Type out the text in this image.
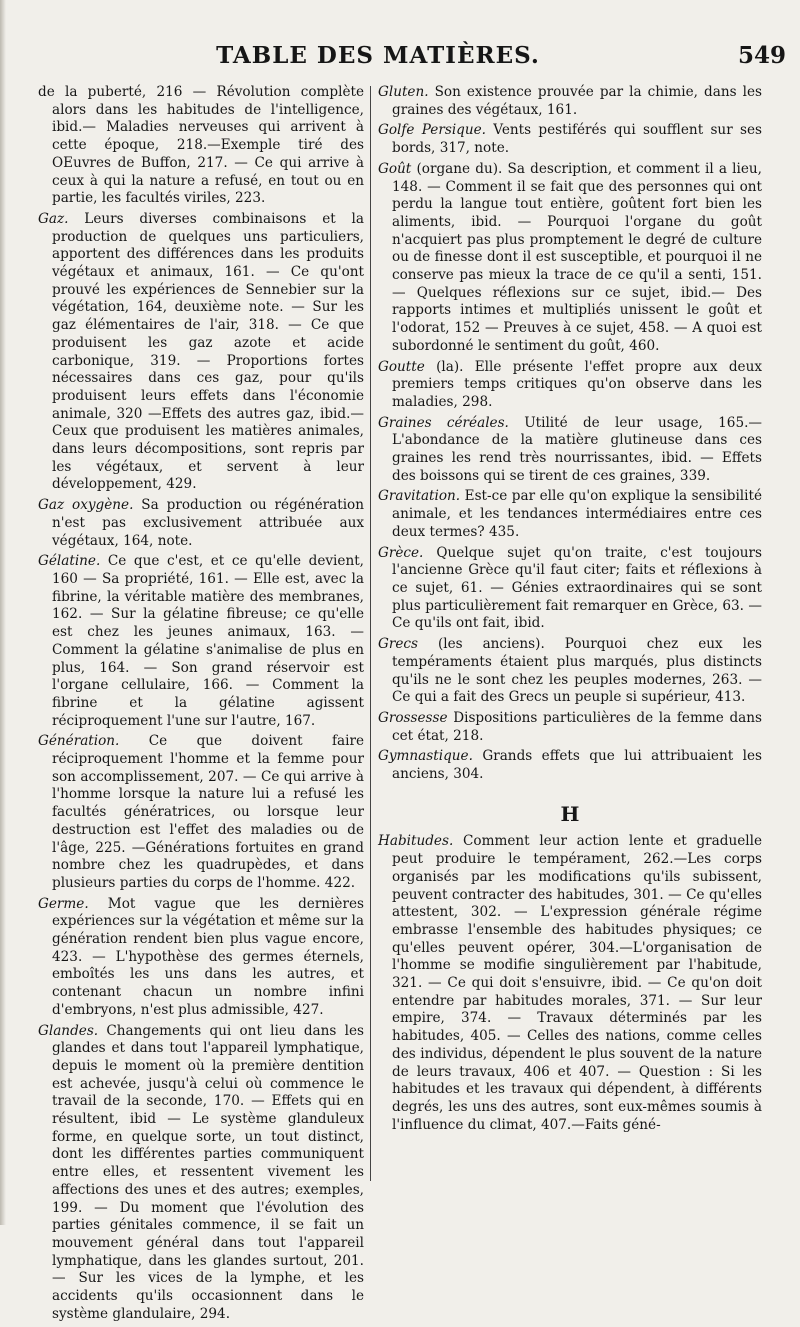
TABLE DES MATIÈRES.	549

de la puberté, 216 — Révolution complète alors dans les habitudes de l'intelligence, ibid.— Maladies nerveuses qui arrivent à cette époque, 218.—Exemple tiré des OEuvres de Buffon, 217. — Ce qui arrive à ceux à qui la nature a refusé, en tout ou en partie, les facultés viriles, 223.

Gaz. Leurs diverses combinaisons et la production de quelques uns particuliers, apportent des différences dans les produits végétaux et animaux, 161. — Ce qu'ont prouvé les expériences de Sennebier sur la végétation, 164, deuxième note. — Sur les gaz élémentaires de l'air, 318. — Ce que produisent les gaz azote et acide carbonique, 319. — Proportions fortes nécessaires dans ces gaz, pour qu'ils produisent leurs effets dans l'économie animale, 320 —Effets des autres gaz, ibid.— Ceux que produisent les matières animales, dans leurs décompositions, sont repris par les végétaux, et servent à leur développement, 429.

Gaz oxygène. Sa production ou régénération n'est pas exclusivement attribuée aux végétaux, 164, note.

Gélatine. Ce que c'est, et ce qu'elle devient, 160 — Sa propriété, 161. — Elle est, avec la fibrine, la véritable matière des membranes, 162. — Sur la gélatine fibreuse; ce qu'elle est chez les jeunes animaux, 163. — Comment la gélatine s'animalise de plus en plus, 164. — Son grand réservoir est l'organe cellulaire, 166. — Comment la fibrine et la gélatine agissent réciproquement l'une sur l'autre, 167.

Génération. Ce que doivent faire réciproquement l'homme et la femme pour son accomplissement, 207. — Ce qui arrive à l'homme lorsque la nature lui a refusé les facultés génératrices, ou lorsque leur destruction est l'effet des maladies ou de l'âge, 225. —Générations fortuites en grand nombre chez les quadrupèdes, et dans plusieurs parties du corps de l'homme. 422.

Germe. Mot vague que les dernières expériences sur la végétation et même sur la génération rendent bien plus vague encore, 423. — L'hypothèse des germes éternels, emboîtés les uns dans les autres, et contenant chacun un nombre infini d'embryons, n'est plus admissible, 427.

Glandes. Changements qui ont lieu dans les glandes et dans tout l'appareil lymphatique, depuis le moment où la première dentition est achevée, jusqu'à celui où commence le travail de la seconde, 170. — Effets qui en résultent, ibid — Le système glanduleux forme, en quelque sorte, un tout distinct, dont les différentes parties communiquent entre elles, et ressentent vivement les affections des unes et des autres; exemples, 199. — Du moment que l'évolution des parties génitales commence, il se fait un mouvement général dans tout l'appareil lymphatique, dans les glandes surtout, 201. — Sur les vices de la lymphe, et les accidents qu'ils occasionnent dans le système glandulaire, 294.

Gluten. Son existence prouvée par la chimie, dans les graines des végétaux, 161.

Golfe Persique. Vents pestiférés qui soufflent sur ses bords, 317, note.

Goût (organe du). Sa description, et comment il a lieu, 148. — Comment il se fait que des personnes qui ont perdu la langue tout entière, goûtent fort bien les aliments, ibid. — Pourquoi l'organe du goût n'acquiert pas plus promptement le degré de culture ou de finesse dont il est susceptible, et pourquoi il ne conserve pas mieux la trace de ce qu'il a senti, 151. — Quelques réflexions sur ce sujet, ibid.— Des rapports intimes et multipliés unissent le goût et l'odorat, 152 — Preuves à ce sujet, 458. — A quoi est subordonné le sentiment du goût, 460.

Goutte (la). Elle présente l'effet propre aux deux premiers temps critiques qu'on observe dans les maladies, 298.

Graines céréales. Utilité de leur usage, 165.— L'abondance de la matière glutineuse dans ces graines les rend très nourrissantes, ibid. — Effets des boissons qui se tirent de ces graines, 339.

Gravitation. Est-ce par elle qu'on explique la sensibilité animale, et les tendances intermédiaires entre ces deux termes? 435.

Grèce. Quelque sujet qu'on traite, c'est toujours l'ancienne Grèce qu'il faut citer; faits et réflexions à ce sujet, 61. — Génies extraordinaires qui se sont plus particulièrement fait remarquer en Grèce, 63. — Ce qu'ils ont fait, ibid.

Grecs (les anciens). Pourquoi chez eux les tempéraments étaient plus marqués, plus distincts qu'ils ne le sont chez les peuples modernes, 263. — Ce qui a fait des Grecs un peuple si supérieur, 413.

Grossesse Dispositions particulières de la femme dans cet état, 218.

Gymnastique. Grands effets que lui attribuaient les anciens, 304.

H

Habitudes. Comment leur action lente et graduelle peut produire le tempérament, 262.—Les corps organisés par les modifications qu'ils subissent, peuvent contracter des habitudes, 301. — Ce qu'elles attestent, 302. — L'expression générale régime embrasse l'ensemble des habitudes physiques; ce qu'elles peuvent opérer, 304.—L'organisation de l'homme se modifie singulièrement par l'habitude, 321. — Ce qui doit s'ensuivre, ibid. — Ce qu'on doit entendre par habitudes morales, 371. — Sur leur empire, 374. — Travaux déterminés par les habitudes, 405. — Celles des nations, comme celles des individus, dépendent le plus souvent de la nature de leurs travaux, 406 et 407. — Question : Si les habitudes et les travaux qui dépendent, à différents degrés, les uns des autres, sont eux-mêmes soumis à l'influence du climat, 407.—Faits géné-
